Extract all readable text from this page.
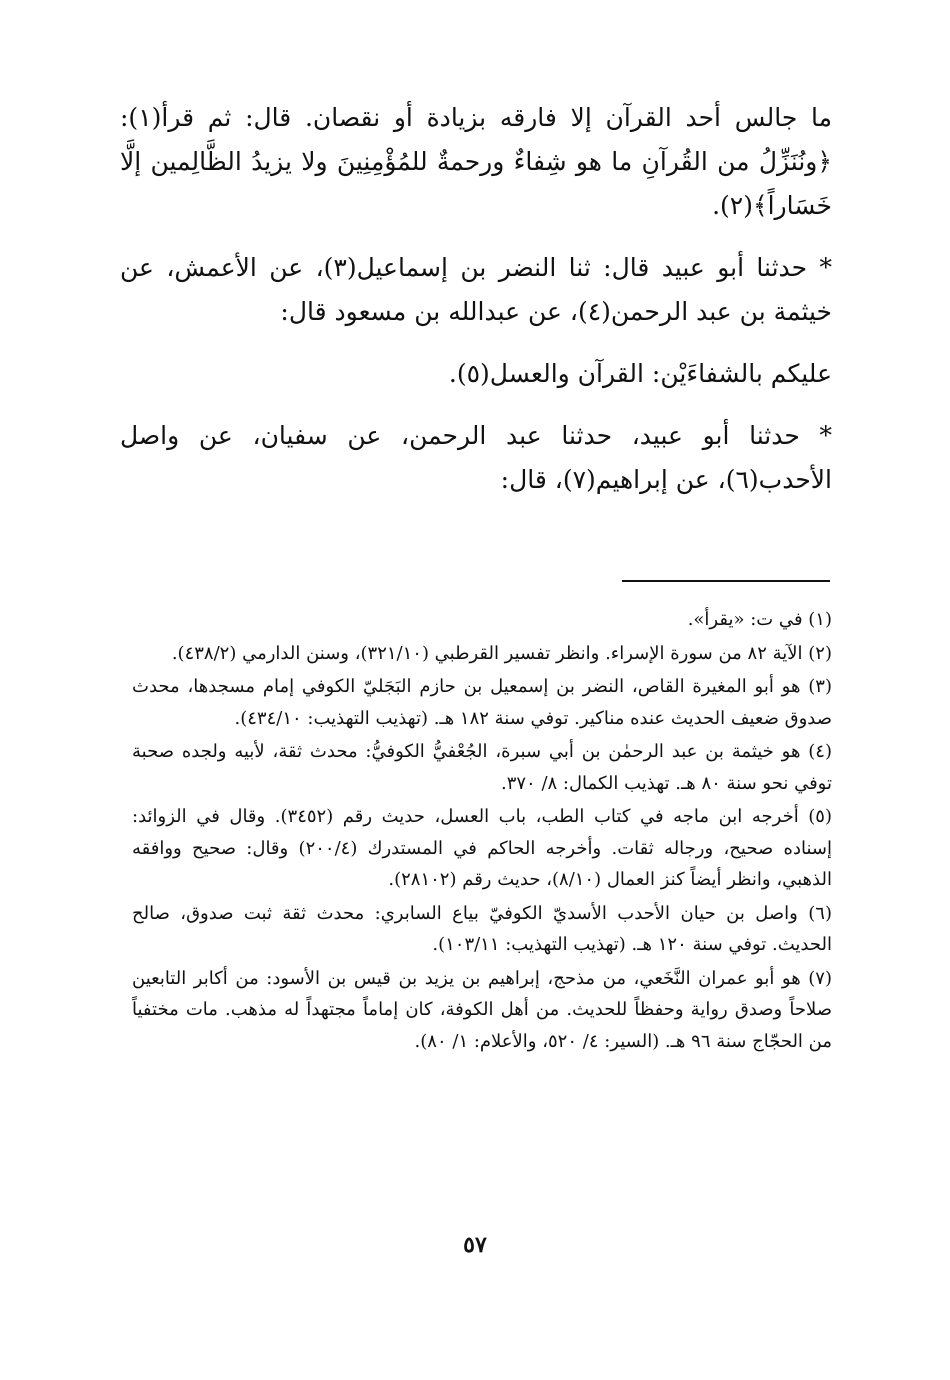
ما جالس أحد القرآن إلا فارقه بزيادة أو نقصان. قال: ثم قرأ(١): ﴿ونُنَزِّلُ من القُرآنِ ما هو شِفاءٌ ورحمةٌ للمُؤْمِنِينَ ولا يزيدُ الظَّالِمين إلَّا خَسَاراً﴾(٢).

* حدثنا أبو عبيد قال: ثنا النضر بن إسماعيل(٣)، عن الأعمش، عن خيثمة بن عبد الرحمن(٤)، عن عبدالله بن مسعود قال:

عليكم بالشفاءَيْن: القرآن والعسل(٥).

* حدثنا أبو عبيد، حدثنا عبد الرحمن، عن سفيان، عن واصل الأحدب(٦)، عن إبراهيم(٧)، قال:

(١) في ت: «يقرأ».

(٢) الآية ٨٢ من سورة الإسراء. وانظر تفسير القرطبي (٣٢١/١٠)، وسنن الدارمي (٤٣٨/٢).

(٣) هو أبو المغيرة القاص، النضر بن إسمعيل بن حازم البَجَليّ الكوفي إمام مسجدها، محدث صدوق ضعيف الحديث عنده مناكير. توفي سنة ١٨٢ هـ. (تهذيب التهذيب: ٤٣٤/١٠).

(٤) هو خيثمة بن عبد الرحمٰن بن أبي سبرة، الجُعْفيُّ الكوفيُّ: محدث ثقة، لأبيه ولجده صحبة توفي نحو سنة ٨٠ هـ. تهذيب الكمال: ٨/ ٣٧٠.

(٥) أخرجه ابن ماجه في كتاب الطب، باب العسل، حديث رقم (٣٤٥٢). وقال في الزوائد: إسناده صحيح، ورجاله ثقات. وأخرجه الحاكم في المستدرك (٢٠٠/٤) وقال: صحيح ووافقه الذهبي، وانظر أيضاً كنز العمال (٨/١٠)، حديث رقم (٢٨١٠٢).

(٦) واصل بن حيان الأحدب الأسديّ الكوفيّ بياع السابري: محدث ثقة ثبت صدوق، صالح الحديث. توفي سنة ١٢٠ هـ. (تهذيب التهذيب: ١٠٣/١١).

(٧) هو أبو عمران النَّخَعي، من مذحج، إبراهيم بن يزيد بن قيس بن الأسود: من أكابر التابعين صلاحاً وصدق رواية وحفظاً للحديث. من أهل الكوفة، كان إماماً مجتهداً له مذهب. مات مختفياً من الحجّاج سنة ٩٦ هـ. (السير: ٤/ ٥٢٠، والأعلام: ١/ ٨٠).

٥٧
